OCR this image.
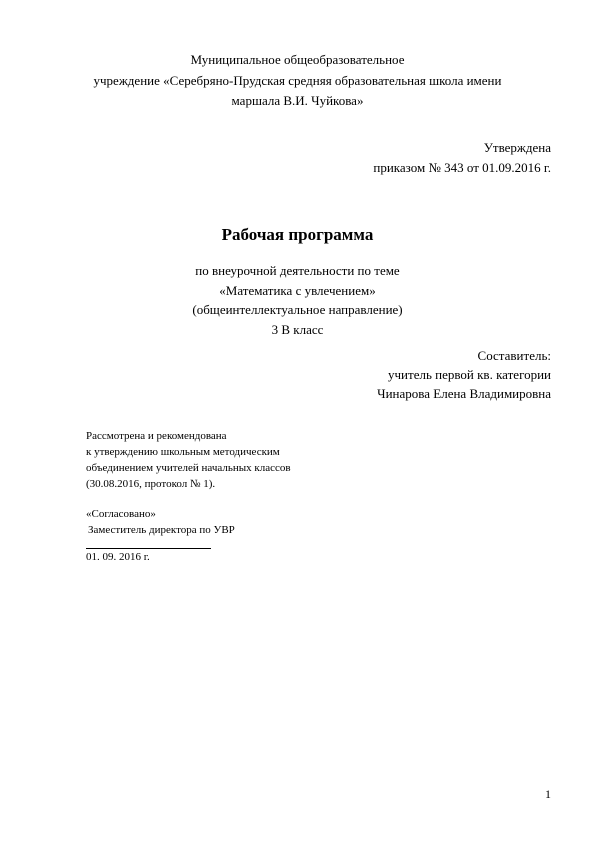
Муниципальное общеобразовательное
учреждение «Серебряно-Прудская средняя образовательная школа имени
маршала В.И. Чуйкова»
Утверждена
приказом № 343 от 01.09.2016 г.
Рабочая программа
по внеурочной деятельности по теме
«Математика с увлечением»
(общеинтеллектуальное направление)
3 В класс
Составитель:
учитель первой кв. категории
Чинарова Елена Владимировна
Рассмотрена и рекомендована
к утверждению школьным методическим
объединением учителей начальных классов
(30.08.2016, протокол № 1).
«Согласовано»
Заместитель директора по УВР
01. 09. 2016 г.
1
